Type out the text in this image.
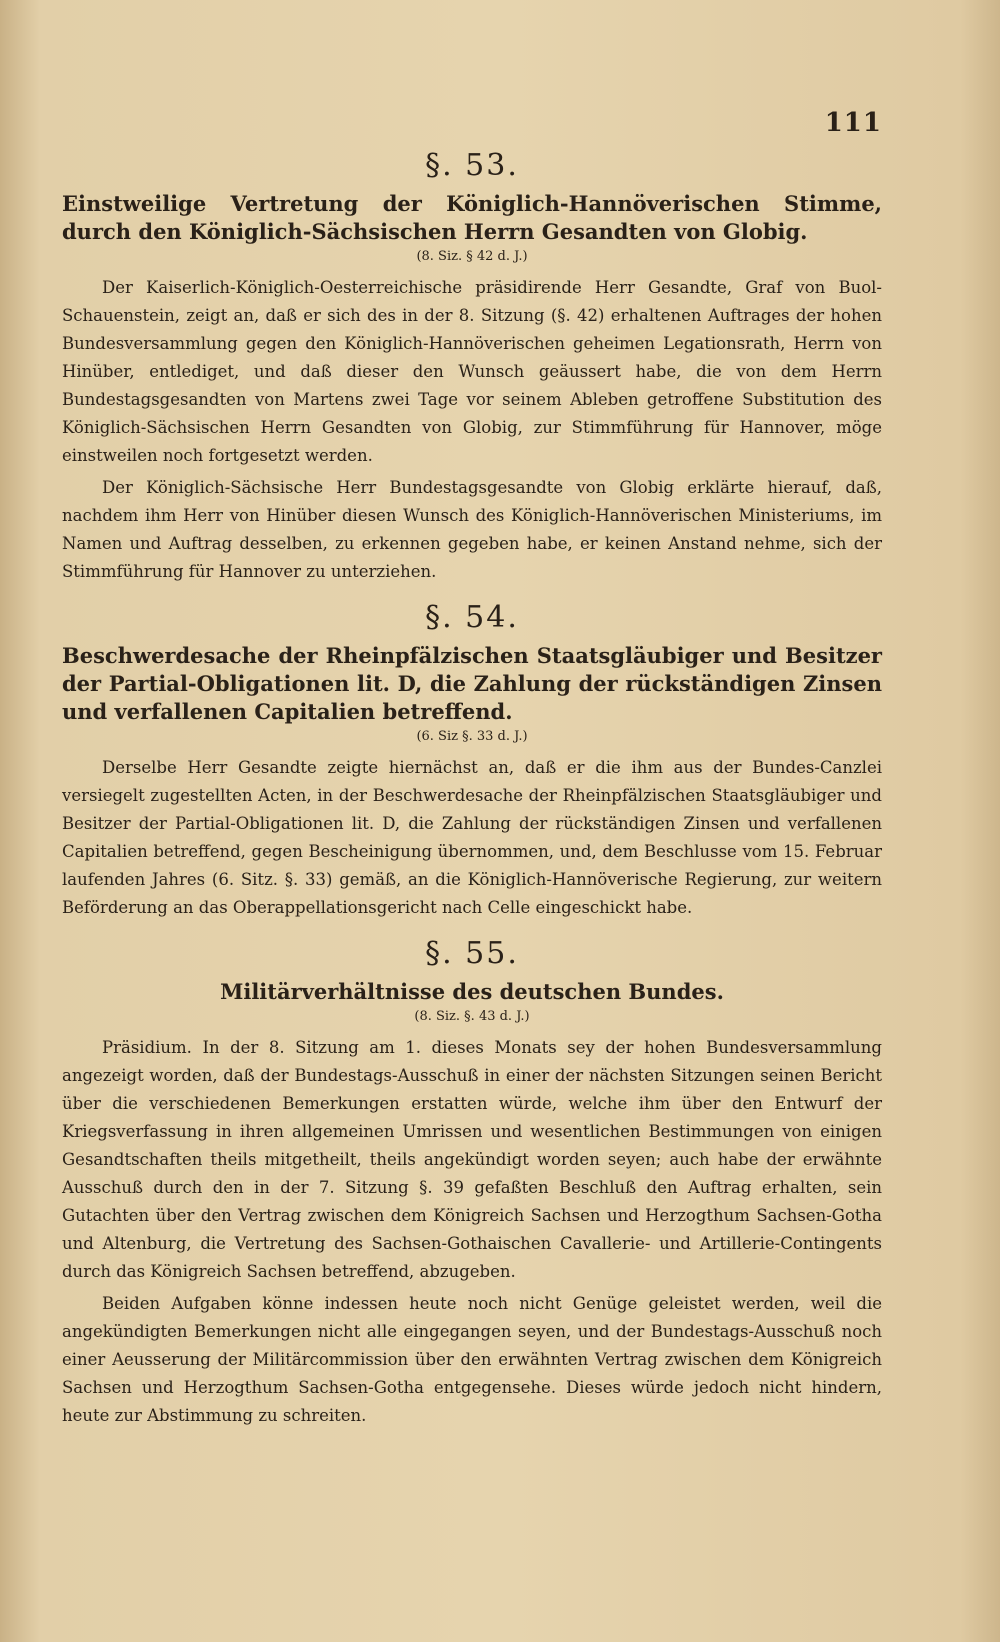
111
§. 53.
Einstweilige Vertretung der Königlich-Hannöverischen Stimme, durch den Königlich-Sächsischen Herrn Gesandten von Globig.
(8. Siz. § 42 d. J.)

Der Kaiserlich-Königlich-Oesterreichische präsidirende Herr Gesandte, Graf von Buol-Schauenstein, zeigt an, daß er sich des in der 8. Sitzung (§. 42) erhaltenen Auftrages der hohen Bundesversammlung gegen den Königlich-Hannöverischen geheimen Legationsrath, Herrn von Hinüber, entlediget, und daß dieser den Wunsch geäussert habe, die von dem Herrn Bundestagsgesandten von Martens zwei Tage vor seinem Ableben getroffene Substitution des Königlich-Sächsischen Herrn Gesandten von Globig, zur Stimmführung für Hannover, möge einstweilen noch fortgesetzt werden.

Der Königlich-Sächsische Herr Bundestagsgesandte von Globig erklärte hierauf, daß, nachdem ihm Herr von Hinüber diesen Wunsch des Königlich-Hannöverischen Ministeriums, im Namen und Auftrag desselben, zu erkennen gegeben habe, er keinen Anstand nehme, sich der Stimmführung für Hannover zu unterziehen.

§. 54.
Beschwerdesache der Rheinpfälzischen Staatsgläubiger und Besitzer der Partial-Obligationen lit. D, die Zahlung der rückständigen Zinsen und verfallenen Capitalien betreffend.
(6. Siz §. 33 d. J.)

Derselbe Herr Gesandte zeigte hiernächst an, daß er die ihm aus der Bundes-Canzlei versiegelt zugestellten Acten, in der Beschwerdesache der Rheinpfälzischen Staatsgläubiger und Besitzer der Partial-Obligationen lit. D, die Zahlung der rückständigen Zinsen und verfallenen Capitalien betreffend, gegen Bescheinigung übernommen, und, dem Beschlusse vom 15. Februar laufenden Jahres (6. Sitz. §. 33) gemäß, an die Königlich-Hannöverische Regierung, zur weitern Beförderung an das Oberappellationsgericht nach Celle eingeschickt habe.

§. 55.
Militärverhältnisse des deutschen Bundes.
(8. Siz. §. 43 d. J.)

Präsidium. In der 8. Sitzung am 1. dieses Monats sey der hohen Bundesversammlung angezeigt worden, daß der Bundestags-Ausschuß in einer der nächsten Sitzungen seinen Bericht über die verschiedenen Bemerkungen erstatten würde, welche ihm über den Entwurf der Kriegsverfassung in ihren allgemeinen Umrissen und wesentlichen Bestimmungen von einigen Gesandtschaften theils mitgetheilt, theils angekündigt worden seyen; auch habe der erwähnte Ausschuß durch den in der 7. Sitzung §. 39 gefaßten Beschluß den Auftrag erhalten, sein Gutachten über den Vertrag zwischen dem Königreich Sachsen und Herzogthum Sachsen-Gotha und Altenburg, die Vertretung des Sachsen-Gothaischen Cavallerie- und Artillerie-Contingents durch das Königreich Sachsen betreffend, abzugeben.

Beiden Aufgaben könne indessen heute noch nicht Genüge geleistet werden, weil die angekündigten Bemerkungen nicht alle eingegangen seyen, und der Bundestags-Ausschuß noch einer Aeusserung der Militärcommission über den erwähnten Vertrag zwischen dem Königreich Sachsen und Herzogthum Sachsen-Gotha entgegensehe. Dieses würde jedoch nicht hindern, heute zur Abstimmung zu schreiten.
